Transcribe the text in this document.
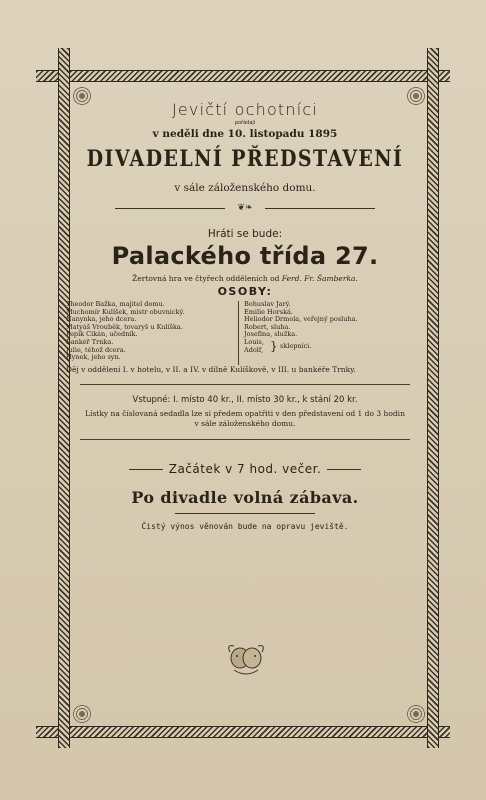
Jevičtí ochotníci
pořádají
v neděli dne 10. listopadu 1895
DIVADELNÍ PŘEDSTAVENÍ
v sále záloženského domu.
❦❧
Hráti se bude:
Palackého třída 27.
Žertovná hra ve čtyřech odděleních od Ferd. Fr. Šamberka.
OSOBY:
Theodor Bažka, majitel domu.
Muchomír Kulíšek, mistr obuvnický.
Nanynka, jeho dcera.
Matyáš Vrouběk, tovaryš u Kulíška.
Pepík Cikán, učedník.
Bankéř Trnka.
Julie, téhož dcera.
Hynek, jeho syn.
Bohuslav Jarý.
Emilie Horská.
Heliodor Drmola, veřejný posluha.
Robert, sluha.
Josefina, služka.
Louis,
Adolf, } sklepníci.
Děj v oddělení I. v hotelu, v II. a IV. v dílně Kulíškově, v III. u bankéře Trnky.
Vstupné: I. místo 40 kr., II. místo 30 kr., k stání 20 kr.
Lístky na číslovaná sedadla lze si předem opatřiti v den představení od 1 do 3 hodin
v sále záloženského domu.
Začátek v 7 hod. večer.
Po divadle volná zábava.
Čistý výnos věnován bude na opravu jeviště.
